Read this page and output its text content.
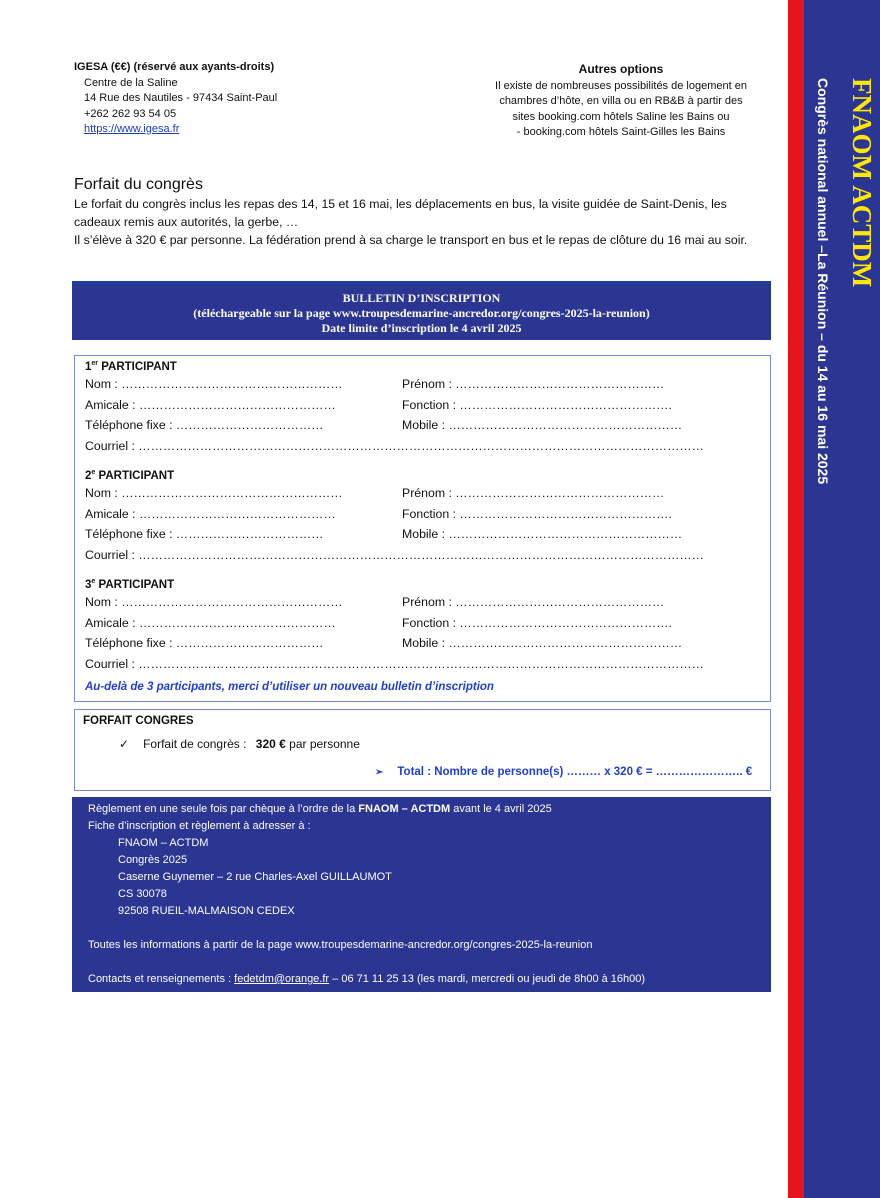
FNAOM ACTDM
Congrès national annuel –La Réunion – du 14 au 16 mai 2025
IGESA (€€) (réservé aux ayants-droits)
Centre de la Saline
14 Rue des Nautiles - 97434 Saint-Paul
+262 262 93 54 05
https://www.igesa.fr
Autres options
Il existe de nombreuses possibilités de logement en
chambres d’hôte, en villa ou en RB&B à partir des
sites booking.com hôtels Saline les Bains ou
- booking.com hôtels Saint-Gilles les Bains
Forfait du congrès
Le forfait du congrès inclus les repas des 14, 15 et 16 mai, les déplacements en bus, la visite guidée de Saint-Denis, les cadeaux remis aux autorités, la gerbe, …
Il s’élève à 320 € par personne. La fédération prend à sa charge le transport en bus et le repas de clôture du 16 mai au soir.
BULLETIN D’INSCRIPTION
(téléchargeable sur la page www.troupesdemarine-ancredor.org/congres-2025-la-reunion)
Date limite d’inscription le 4 avril 2025
1er PARTICIPANT
Nom : ………………………………………………	Prénom : ……………………………………………
Amicale : …………………………………………	Fonction : …………………………………………….
Téléphone fixe : ………………………………	Mobile : …………………………………………………
Courriel : …………………………………………………………………………………………………………………………
2e PARTICIPANT
Nom : ………………………………………………	Prénom : ……………………………………………
Amicale : …………………………………………	Fonction : …………………………………………….
Téléphone fixe : ………………………………	Mobile : …………………………………………………
Courriel : …………………………………………………………………………………………………………………………
3e PARTICIPANT
Nom : ………………………………………………	Prénom : ……………………………………………
Amicale : …………………………………………	Fonction : …………………………………………….
Téléphone fixe : ………………………………	Mobile : …………………………………………………
Courriel : …………………………………………………………………………………………………………………………
Au-delà de 3 participants, merci d’utiliser un nouveau bulletin d’inscription
FORFAIT CONGRES
✓ Forfait de congrès : 320 € par personne
➢ Total : Nombre de personne(s) ……… x 320 € = ………………….. €
Règlement en une seule fois par chèque à l’ordre de la FNAOM – ACTDM avant le 4 avril 2025
Fiche d’inscription et règlement à adresser à :
FNAOM – ACTDM
Congrès 2025
Caserne Guynemer – 2 rue Charles-Axel GUILLAUMOT
CS 30078
92508 RUEIL-MALMAISON CEDEX
Toutes les informations à partir de la page www.troupesdemarine-ancredor.org/congres-2025-la-reunion
Contacts et renseignements : fedetdm@orange.fr – 06 71 11 25 13 (les mardi, mercredi ou jeudi de 8h00 à 16h00)
